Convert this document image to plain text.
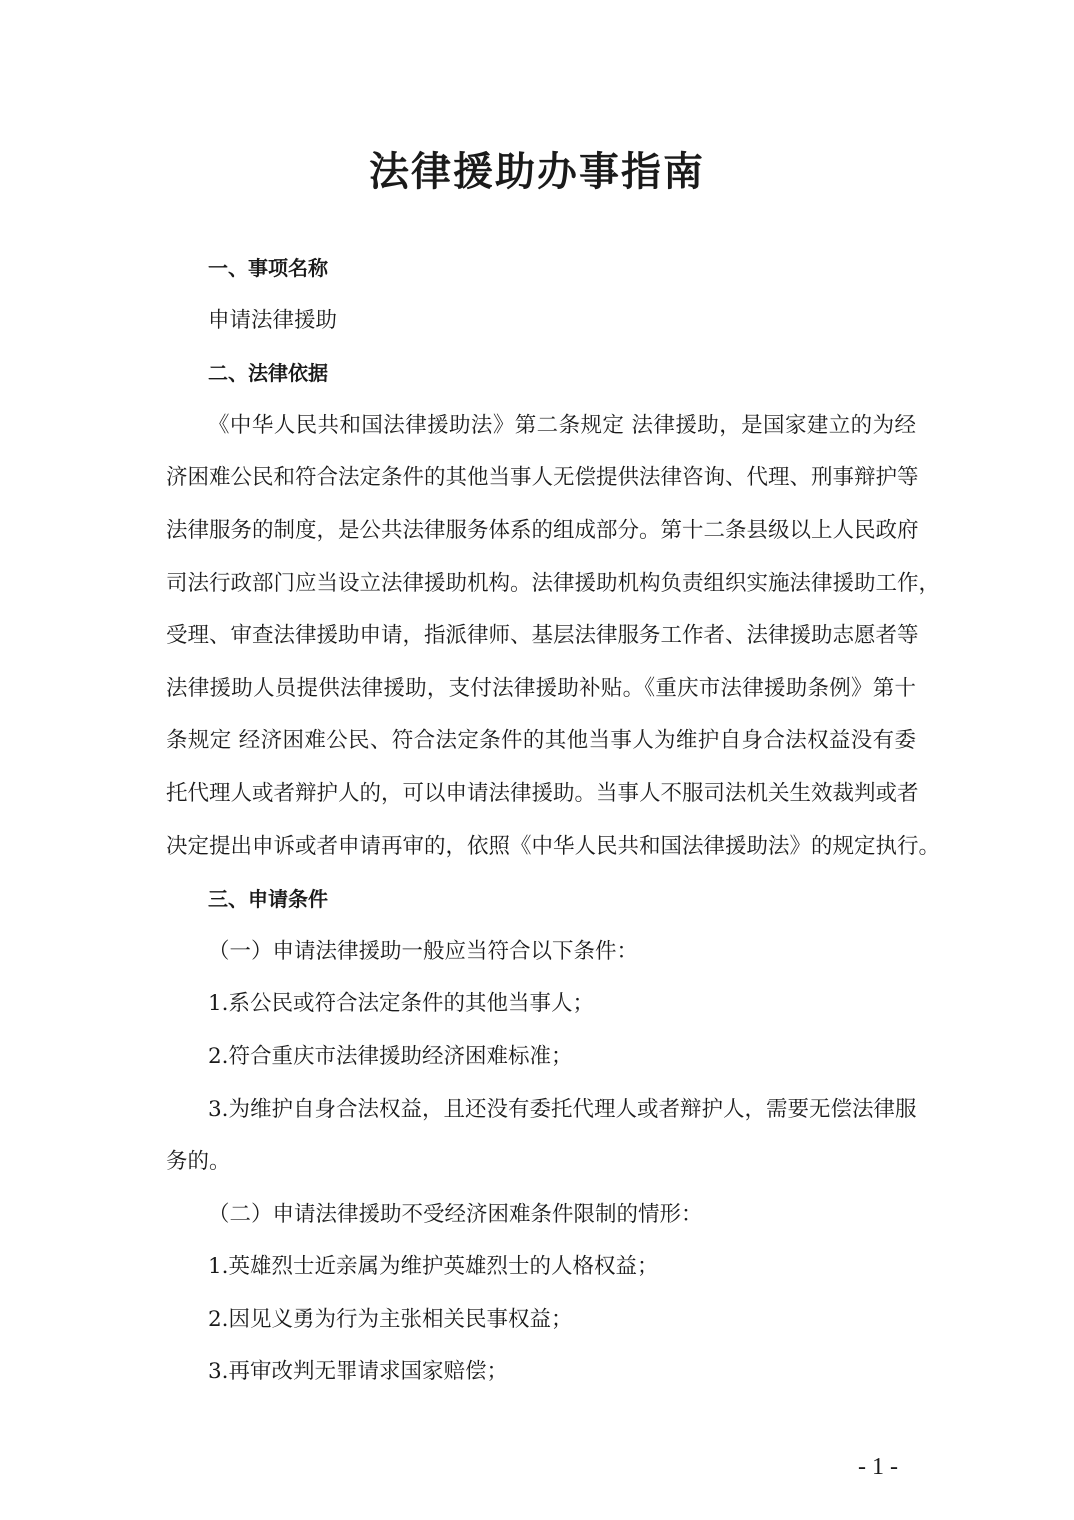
法律援助办事指南

一、事项名称

申请法律援助

二、法律依据

《中华人民共和国法律援助法》第二条规定 法律援助，是国家建立的为经

济困难公民和符合法定条件的其他当事人无偿提供法律咨询、代理、刑事辩护等

法律服务的制度，是公共法律服务体系的组成部分。第十二条县级以上人民政府

司法行政部门应当设立法律援助机构。法律援助机构负责组织实施法律援助工作，

受理、审查法律援助申请，指派律师、基层法律服务工作者、法律援助志愿者等

法律援助人员提供法律援助，支付法律援助补贴。《重庆市法律援助条例》第十

条规定 经济困难公民、符合法定条件的其他当事人为维护自身合法权益没有委

托代理人或者辩护人的，可以申请法律援助。当事人不服司法机关生效裁判或者

决定提出申诉或者申请再审的，依照《中华人民共和国法律援助法》的规定执行。

三、申请条件

（一）申请法律援助一般应当符合以下条件：

1.系公民或符合法定条件的其他当事人；

2.符合重庆市法律援助经济困难标准；

3.为维护自身合法权益，且还没有委托代理人或者辩护人，需要无偿法律服

务的。

（二）申请法律援助不受经济困难条件限制的情形：

1.英雄烈士近亲属为维护英雄烈士的人格权益；

2.因见义勇为行为主张相关民事权益；

3.再审改判无罪请求国家赔偿；

- 1 -
